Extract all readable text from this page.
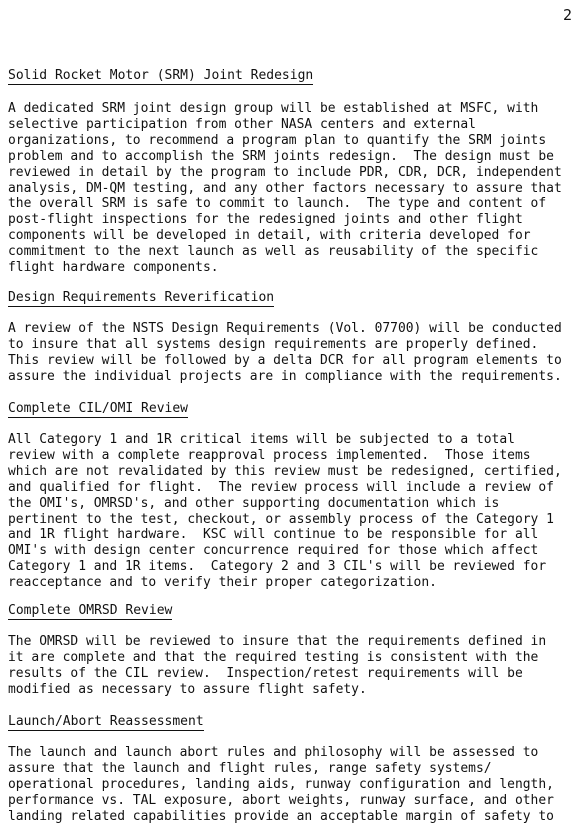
2
Solid Rocket Motor (SRM) Joint Redesign

A dedicated SRM joint design group will be established at MSFC, with
selective participation from other NASA centers and external
organizations, to recommend a program plan to quantify the SRM joints
problem and to accomplish the SRM joints redesign.  The design must be
reviewed in detail by the program to include PDR, CDR, DCR, independent
analysis, DM-QM testing, and any other factors necessary to assure that
the overall SRM is safe to commit to launch.  The type and content of
post-flight inspections for the redesigned joints and other flight
components will be developed in detail, with criteria developed for
commitment to the next launch as well as reusability of the specific
flight hardware components.

Design Requirements Reverification

A review of the NSTS Design Requirements (Vol. 07700) will be conducted
to insure that all systems design requirements are properly defined.
This review will be followed by a delta DCR for all program elements to
assure the individual projects are in compliance with the requirements.

Complete CIL/OMI Review

All Category 1 and 1R critical items will be subjected to a total
review with a complete reapproval process implemented.  Those items
which are not revalidated by this review must be redesigned, certified,
and qualified for flight.  The review process will include a review of
the OMI's, OMRSD's, and other supporting documentation which is
pertinent to the test, checkout, or assembly process of the Category 1
and 1R flight hardware.  KSC will continue to be responsible for all
OMI's with design center concurrence required for those which affect
Category 1 and 1R items.  Category 2 and 3 CIL's will be reviewed for
reacceptance and to verify their proper categorization.

Complete OMRSD Review

The OMRSD will be reviewed to insure that the requirements defined in
it are complete and that the required testing is consistent with the
results of the CIL review.  Inspection/retest requirements will be
modified as necessary to assure flight safety.

Launch/Abort Reassessment

The launch and launch abort rules and philosophy will be assessed to
assure that the launch and flight rules, range safety systems/
operational procedures, landing aids, runway configuration and length,
performance vs. TAL exposure, abort weights, runway surface, and other
landing related capabilities provide an acceptable margin of safety to
